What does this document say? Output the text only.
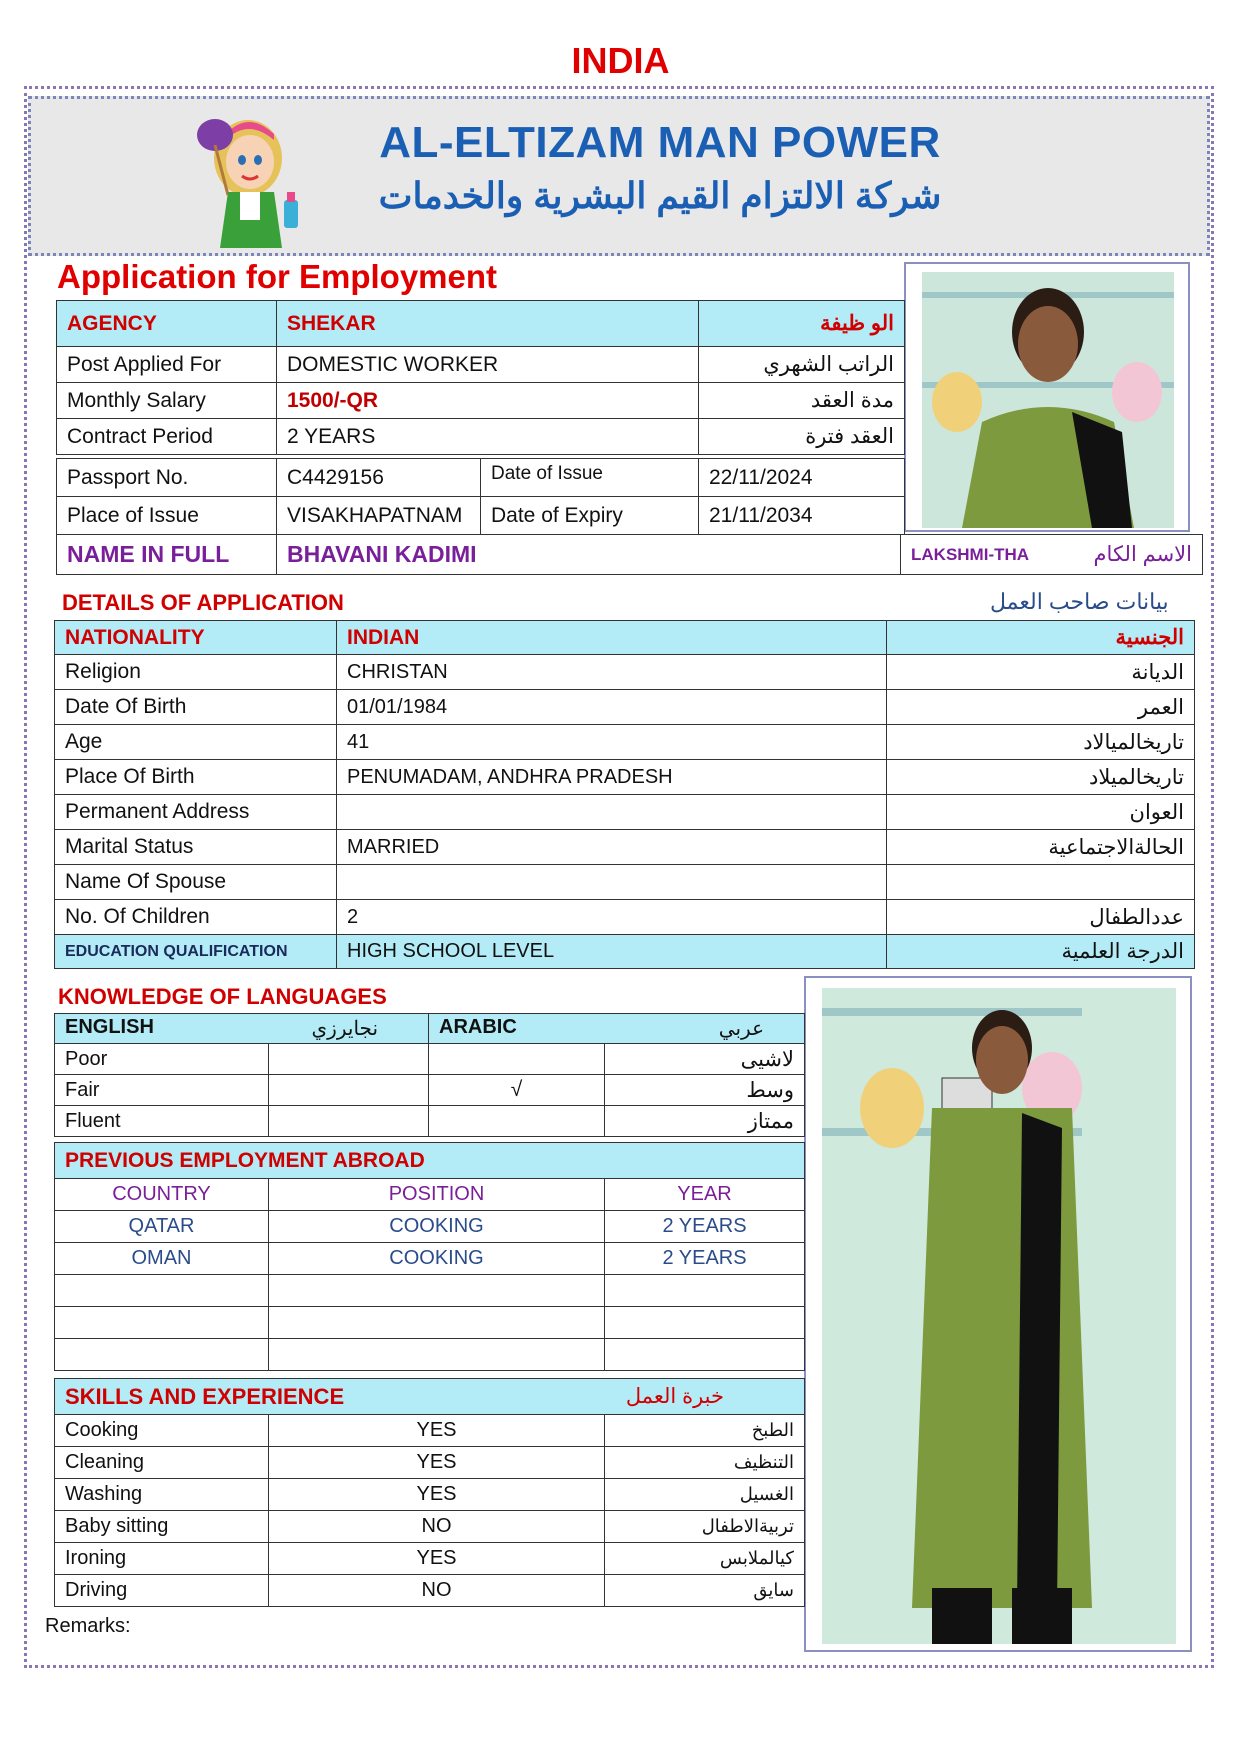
INDIA
AL-ELTIZAM MAN POWER
شركة الالتزام القيم البشرية والخدمات
Application for Employment
AGENCY	SHEKAR	الو ظيفة
Post Applied For	DOMESTIC WORKER	الراتب الشهري
Monthly Salary	1500/-QR	مدة العقد
Contract Period	2 YEARS	العقد فترة
Passport No.	C4429156	Date of Issue	22/11/2024
Place of Issue	VISAKHAPATNAM	Date of Expiry	21/11/2034
NAME IN FULL	BHAVANI KADIMI	LAKSHMI-THA	الاسم الكام
DETAILS OF APPLICATION	بيانات صاحب العمل
NATIONALITY	INDIAN	الجنسية
Religion	CHRISTAN	الديانة
Date Of Birth	01/01/1984	العمر
Age	41	تاريخالميالاد
Place Of Birth	PENUMADAM, ANDHRA PRADESH	تاريخالميلاد
Permanent Address		العوان
Marital Status	MARRIED	الحالةالاجتماعية
Name Of Spouse		
No. Of Children	2	عددالطفال
EDUCATION QUALIFICATION	HIGH SCHOOL LEVEL	الدرجة العلمية
KNOWLEDGE OF LANGUAGES
ENGLISH نجايرزي		ARABIC عربي	

Poor			لاشيى
Fair		√	وسط
Fluent			ممتاز
PREVIOUS EMPLOYMENT ABROAD		
COUNTRY	POSITION	YEAR
QATAR	COOKING	2 YEARS
OMAN	COOKING	2 YEARS

SKILLS AND EXPERIENCE خبرة العمل		

Cooking	YES	الطبخ
Cleaning	YES	التنظيف
Washing	YES	الغسيل
Baby sitting	NO	تربيةالاطفال
Ironing	YES	كيالملابس
Driving	NO	سايق
Remarks:
